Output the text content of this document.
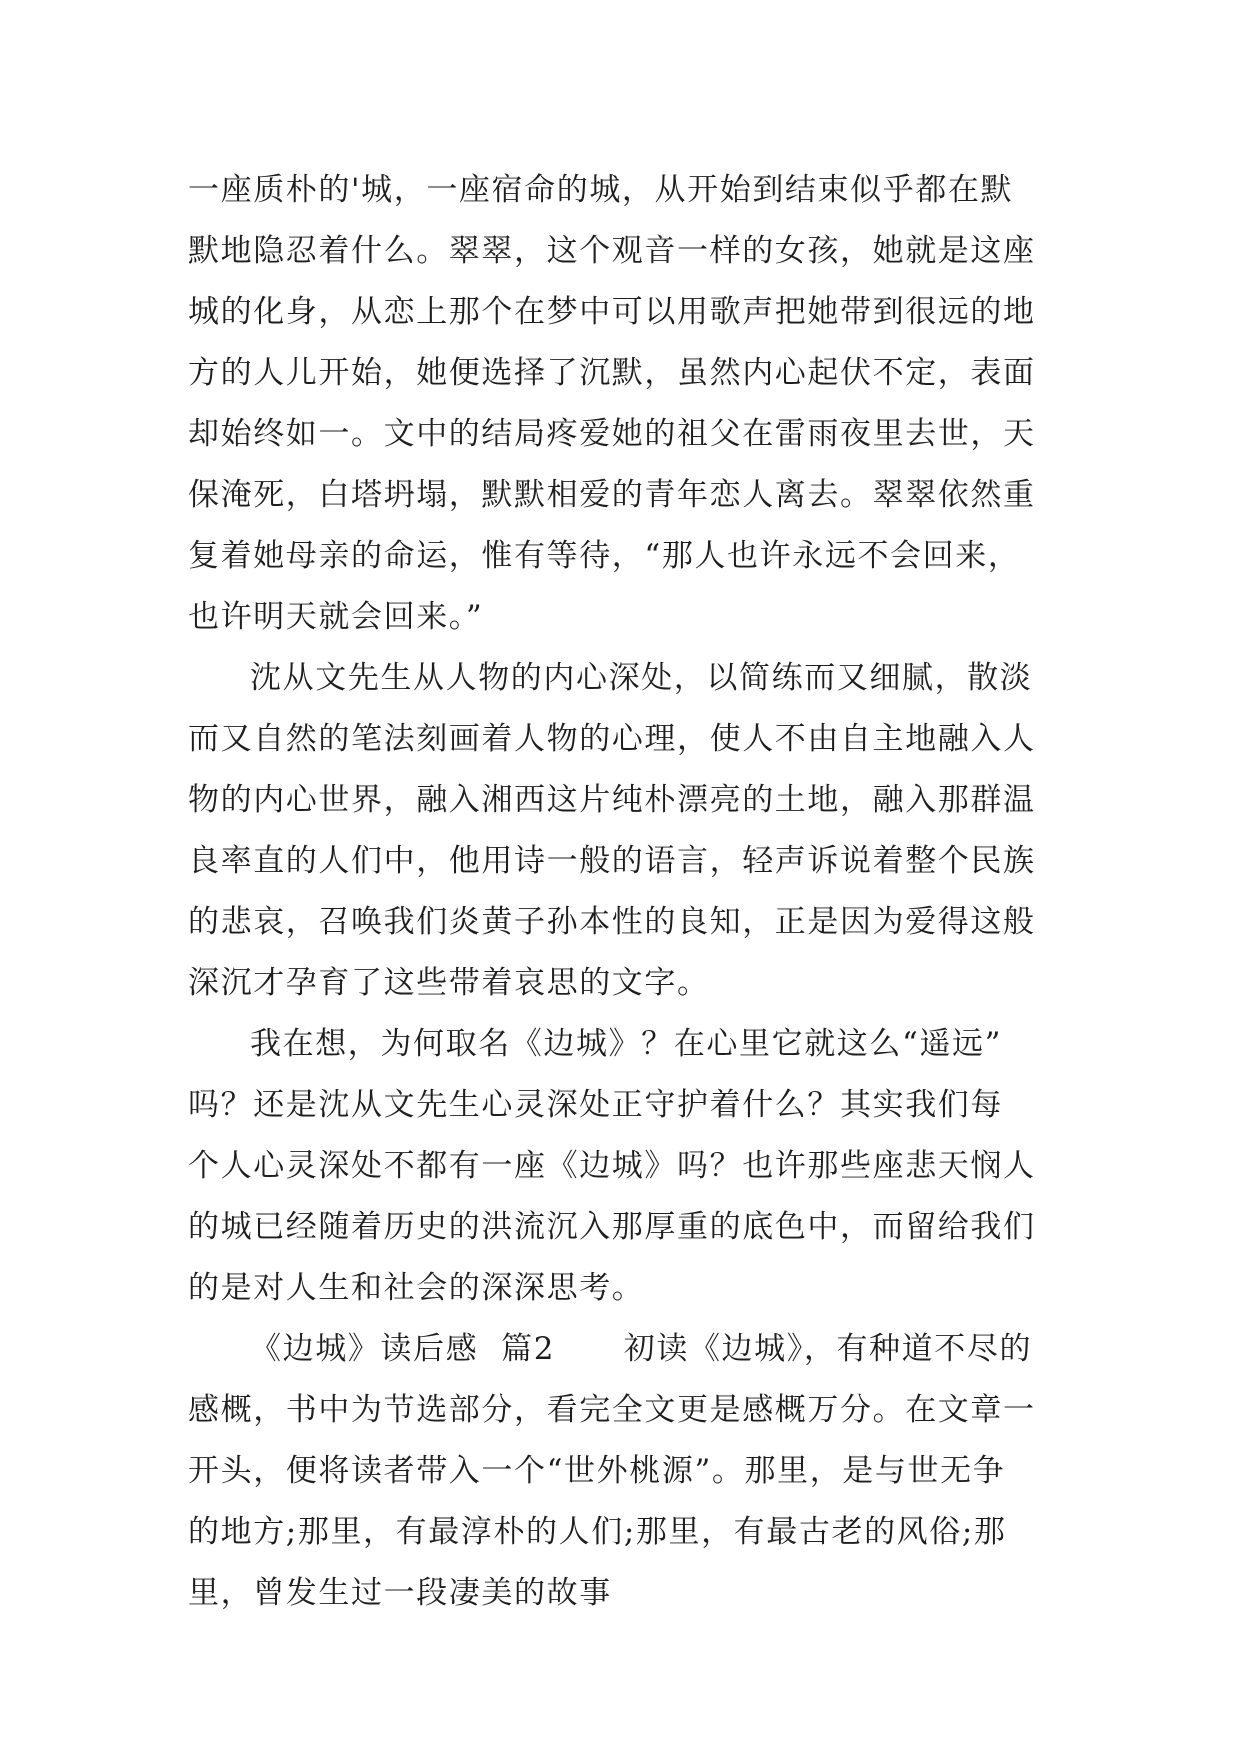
一座质朴的'城，一座宿命的城，从开始到结束似乎都在默
默地隐忍着什么。翠翠，这个观音一样的女孩，她就是这座
城的化身，从恋上那个在梦中可以用歌声把她带到很远的地
方的人儿开始，她便选择了沉默，虽然内心起伏不定，表面
却始终如一。文中的结局疼爱她的祖父在雷雨夜里去世，天
保淹死，白塔坍塌，默默相爱的青年恋人离去。翠翠依然重
复着她母亲的命运，惟有等待，“那人也许永远不会回来，
也许明天就会回来。”
沈从文先生从人物的内心深处，以简练而又细腻，散淡
而又自然的笔法刻画着人物的心理，使人不由自主地融入人
物的内心世界，融入湘西这片纯朴漂亮的土地，融入那群温
良率直的人们中，他用诗一般的语言，轻声诉说着整个民族
的悲哀，召唤我们炎黄子孙本性的良知，正是因为爱得这般
深沉才孕育了这些带着哀思的文字。
我在想，为何取名《边城》？在心里它就这么“遥远”
吗？还是沈从文先生心灵深处正守护着什么？其实我们每
个人心灵深处不都有一座《边城》吗？也许那些座悲天悯人
的城已经随着历史的洪流沉入那厚重的底色中，而留给我们
的是对人生和社会的深深思考。
《边城》读后感  篇2      初读《边城》，有种道不尽的
感概，书中为节选部分，看完全文更是感概万分。在文章一
开头，便将读者带入一个“世外桃源”。那里，是与世无争
的地方;那里，有最淳朴的人们;那里，有最古老的风俗;那
里，曾发生过一段凄美的故事
